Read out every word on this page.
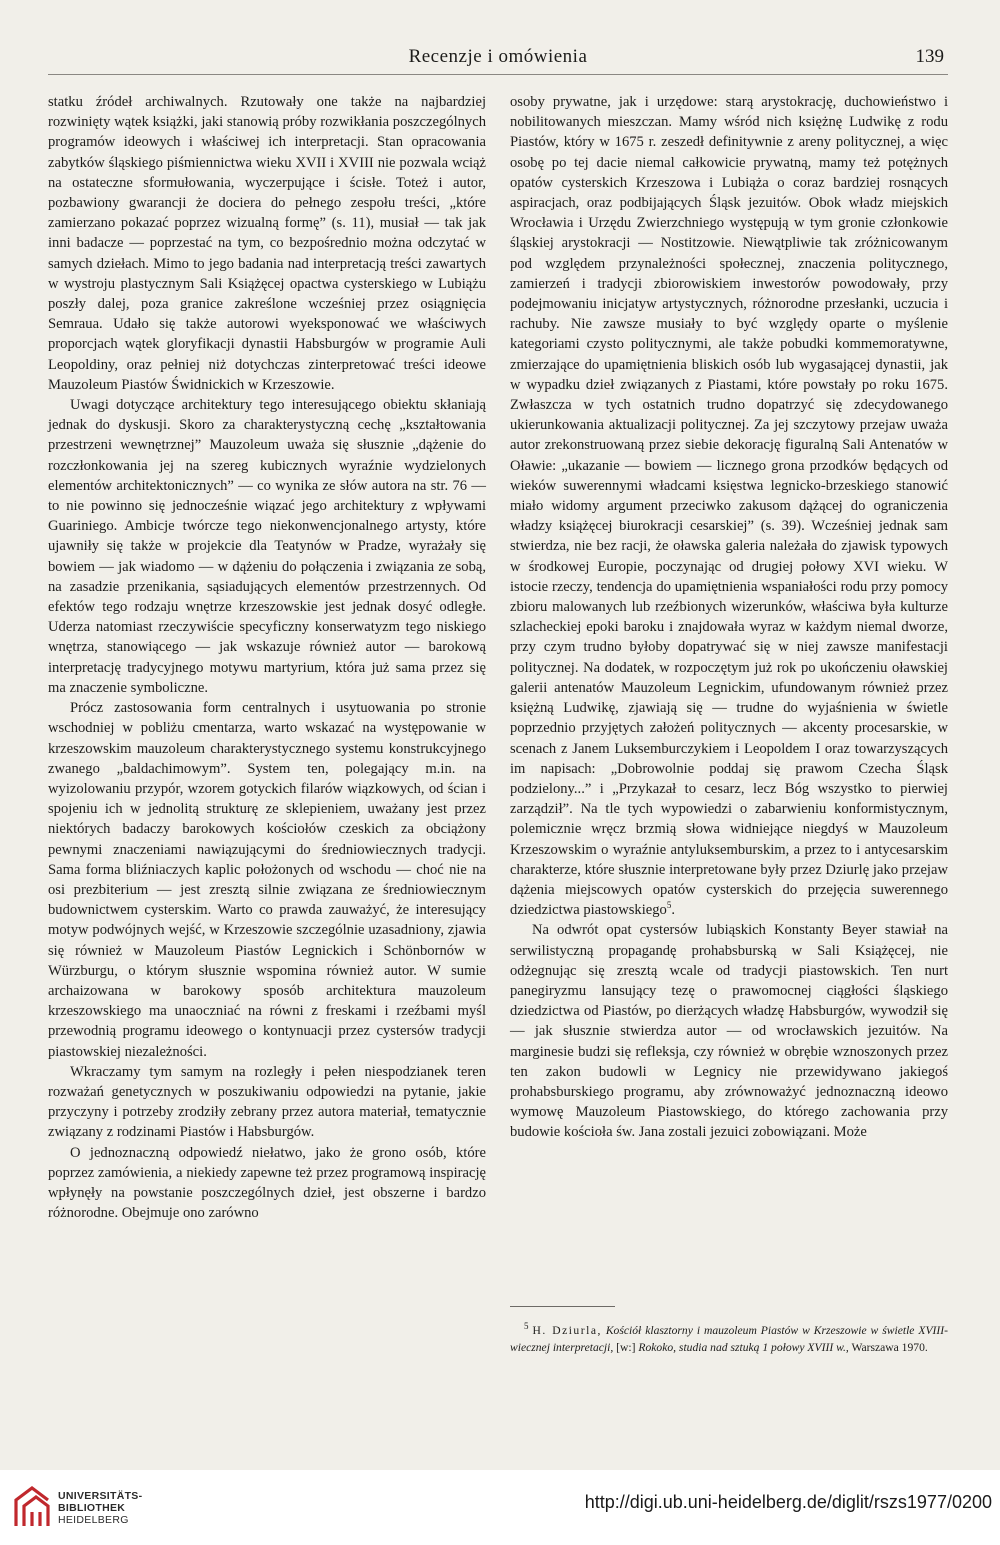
Recenzje i omówienia	139

statku źródeł archiwalnych. Rzutowały one także na najbardziej rozwinięty wątek książki, jaki stanowią próby rozwikłania poszczególnych programów ideowych i właściwej ich interpretacji. Stan opracowania zabytków śląskiego piśmiennictwa wieku XVII i XVIII nie pozwala wciąż na ostateczne sformułowania, wyczerpujące i ścisłe. Toteż i autor, pozbawiony gwarancji że dociera do pełnego zespołu treści, „które zamierzano pokazać poprzez wizualną formę” (s. 11), musiał — tak jak inni badacze — poprzestać na tym, co bezpośrednio można odczytać w samych dziełach. Mimo to jego badania nad interpretacją treści zawartych w wystroju plastycznym Sali Książęcej opactwa cysterskiego w Lubiążu poszły dalej, poza granice zakreślone wcześniej przez osiągnięcia Semraua. Udało się także autorowi wyeksponować we właściwych proporcjach wątek gloryfikacji dynastii Habsburgów w programie Auli Leopoldiny, oraz pełniej niż dotychczas zinterpretować treści ideowe Mauzoleum Piastów Świdnickich w Krzeszowie.

Uwagi dotyczące architektury tego interesującego obiektu skłaniają jednak do dyskusji. Skoro za charakterystyczną cechę „kształtowania przestrzeni wewnętrznej” Mauzoleum uważa się słusznie „dążenie do rozczłonkowania jej na szereg kubicznych wyraźnie wydzielonych elementów architektonicznych” — co wynika ze słów autora na str. 76 — to nie powinno się jednocześnie wiązać jego architektury z wpływami Guariniego. Ambicje twórcze tego niekonwencjonalnego artysty, które ujawniły się także w projekcie dla Teatynów w Pradze, wyrażały się bowiem — jak wiadomo — w dążeniu do połączenia i związania ze sobą, na zasadzie przenikania, sąsiadujących elementów przestrzennych. Od efektów tego rodzaju wnętrze krzeszowskie jest jednak dosyć odległe. Uderza natomiast rzeczywiście specyficzny konserwatyzm tego niskiego wnętrza, stanowiącego — jak wskazuje również autor — barokową interpretację tradycyjnego motywu martyrium, która już sama przez się ma znaczenie symboliczne.

Prócz zastosowania form centralnych i usytuowania po stronie wschodniej w pobliżu cmentarza, warto wskazać na występowanie w krzeszowskim mauzoleum charakterystycznego systemu konstrukcyjnego zwanego „baldachimowym”. System ten, polegający m.in. na wyizolowaniu przypór, wzorem gotyckich filarów wiązkowych, od ścian i spojeniu ich w jednolitą strukturę ze sklepieniem, uważany jest przez niektórych badaczy barokowych kościołów czeskich za obciążony pewnymi znaczeniami nawiązującymi do średniowiecznych tradycji. Sama forma bliźniaczych kaplic położonych od wschodu — choć nie na osi prezbiterium — jest zresztą silnie związana ze średniowiecznym budownictwem cysterskim. Warto co prawda zauważyć, że interesujący motyw podwójnych wejść, w Krzeszowie szczególnie uzasadniony, zjawia się również w Mauzoleum Piastów Legnickich i Schönbornów w Würzburgu, o którym słusznie wspomina również autor. W sumie archaizowana w barokowy sposób architektura mauzoleum krzeszowskiego ma unaoczniać na równi z freskami i rzeźbami myśl przewodnią programu ideowego o kontynuacji przez cystersów tradycji piastowskiej niezależności.

Wkraczamy tym samym na rozległy i pełen niespodzianek teren rozważań genetycznych w poszukiwaniu odpowiedzi na pytanie, jakie przyczyny i potrzeby zrodziły zebrany przez autora materiał, tematycznie związany z rodzinami Piastów i Habsburgów.

O jednoznaczną odpowiedź niełatwo, jako że grono osób, które poprzez zamówienia, a niekiedy zapewne też przez programową inspirację wpłynęły na powstanie poszczególnych dzieł, jest obszerne i bardzo różnorodne. Obejmuje ono zarówno

osoby prywatne, jak i urzędowe: starą arystokrację, duchowieństwo i nobilitowanych mieszczan. Mamy wśród nich księżnę Ludwikę z rodu Piastów, który w 1675 r. zeszedł definitywnie z areny politycznej, a więc osobę po tej dacie niemal całkowicie prywatną, mamy też potężnych opatów cysterskich Krzeszowa i Lubiąża o coraz bardziej rosnących aspiracjach, oraz podbijających Śląsk jezuitów. Obok władz miejskich Wrocławia i Urzędu Zwierzchniego występują w tym gronie członkowie śląskiej arystokracji — Nostitzowie. Niewątpliwie tak zróżnicowanym pod względem przynależności społecznej, znaczenia politycznego, zamierzeń i tradycji zbiorowiskiem inwestorów powodowały, przy podejmowaniu inicjatyw artystycznych, różnorodne przesłanki, uczucia i rachuby. Nie zawsze musiały to być względy oparte o myślenie kategoriami czysto politycznymi, ale także pobudki kommemoratywne, zmierzające do upamiętnienia bliskich osób lub wygasającej dynastii, jak w wypadku dzieł związanych z Piastami, które powstały po roku 1675. Zwłaszcza w tych ostatnich trudno dopatrzyć się zdecydowanego ukierunkowania aktualizacji politycznej. Za jej szczytowy przejaw uważa autor zrekonstruowaną przez siebie dekorację figuralną Sali Antenatów w Oławie: „ukazanie — bowiem — licznego grona przodków będących od wieków suwerennymi władcami księstwa legnicko-brzeskiego stanowić miało widomy argument przeciwko zakusom dążącej do ograniczenia władzy książęcej biurokracji cesarskiej” (s. 39). Wcześniej jednak sam stwierdza, nie bez racji, że oławska galeria należała do zjawisk typowych w środkowej Europie, poczynając od drugiej połowy XVI wieku. W istocie rzeczy, tendencja do upamiętnienia wspaniałości rodu przy pomocy zbioru malowanych lub rzeźbionych wizerunków, właściwa była kulturze szlacheckiej epoki baroku i znajdowała wyraz w każdym niemal dworze, przy czym trudno byłoby dopatrywać się w niej zawsze manifestacji politycznej. Na dodatek, w rozpoczętym już rok po ukończeniu oławskiej galerii antenatów Mauzoleum Legnickim, ufundowanym również przez księżną Ludwikę, zjawiają się — trudne do wyjaśnienia w świetle poprzednio przyjętych założeń politycznych — akcenty procesarskie, w scenach z Janem Luksemburczykiem i Leopoldem I oraz towarzyszących im napisach: „Dobrowolnie poddaj się prawom Czecha Śląsk podzielony...” i „Przykazał to cesarz, lecz Bóg wszystko to pierwiej zarządził”. Na tle tych wypowiedzi o zabarwieniu konformistycznym, polemicznie wręcz brzmią słowa widniejące niegdyś w Mauzoleum Krzeszowskim o wyraźnie antyluksemburskim, a przez to i antycesarskim charakterze, które słusznie interpretowane były przez Dziurlę jako przejaw dążenia miejscowych opatów cysterskich do przejęcia suwerennego dziedzictwa piastowskiego$^5$.

Na odwrót opat cystersów lubiąskich Konstanty Beyer stawiał na serwilistyczną propagandę prohabsburską w Sali Książęcej, nie odżegnując się zresztą wcale od tradycji piastowskich. Ten nurt panegiryzmu lansujący tezę o prawomocnej ciągłości śląskiego dziedzictwa od Piastów, po dierżących władzę Habsburgów, wywodził się — jak słusznie stwierdza autor — od wrocławskich jezuitów. Na marginesie budzi się refleksja, czy również w obrębie wznoszonych przez ten zakon budowli w Legnicy nie przewidywano jakiegoś prohabsburskiego programu, aby zrównoważyć jednoznaczną ideowo wymowę Mauzoleum Piastowskiego, do którego zachowania przy budowie kościoła św. Jana zostali jezuici zobowiązani. Może

$^5$ H. Dziurla, Kościół klasztorny i mauzoleum Piastów w Krzeszowie w świetle XVIII-wiecznej interpretacji, [w:] Rokoko, studia nad sztuką 1 połowy XVIII w., Warszawa 1970.

UNIVERSITÄTS-
BIBLIOTHEK
HEIDELBERG
http://digi.ub.uni-heidelberg.de/diglit/rszs1977/0200
